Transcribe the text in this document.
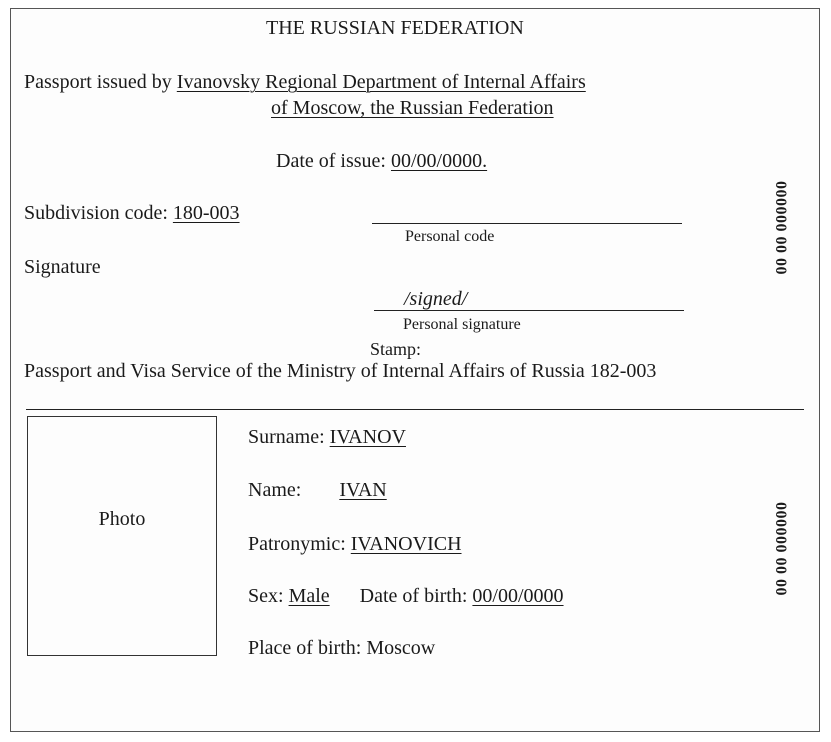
THE RUSSIAN FEDERATION
Passport issued by Ivanovsky Regional Department of Internal Affairs
of Moscow, the Russian Federation
Date of issue: 00/00/0000.
Subdivision code: 180-003
Personal code
Signature
/signed/
Personal signature
Stamp:
Passport and Visa Service of the Ministry of Internal Affairs of Russia 182-003
000000 00 00
Photo
Surname: IVANOV
Name: IVAN
Patronymic: IVANOVICH
Sex: Male Date of birth: 00/00/0000
Place of birth: Moscow
000000 00 00
